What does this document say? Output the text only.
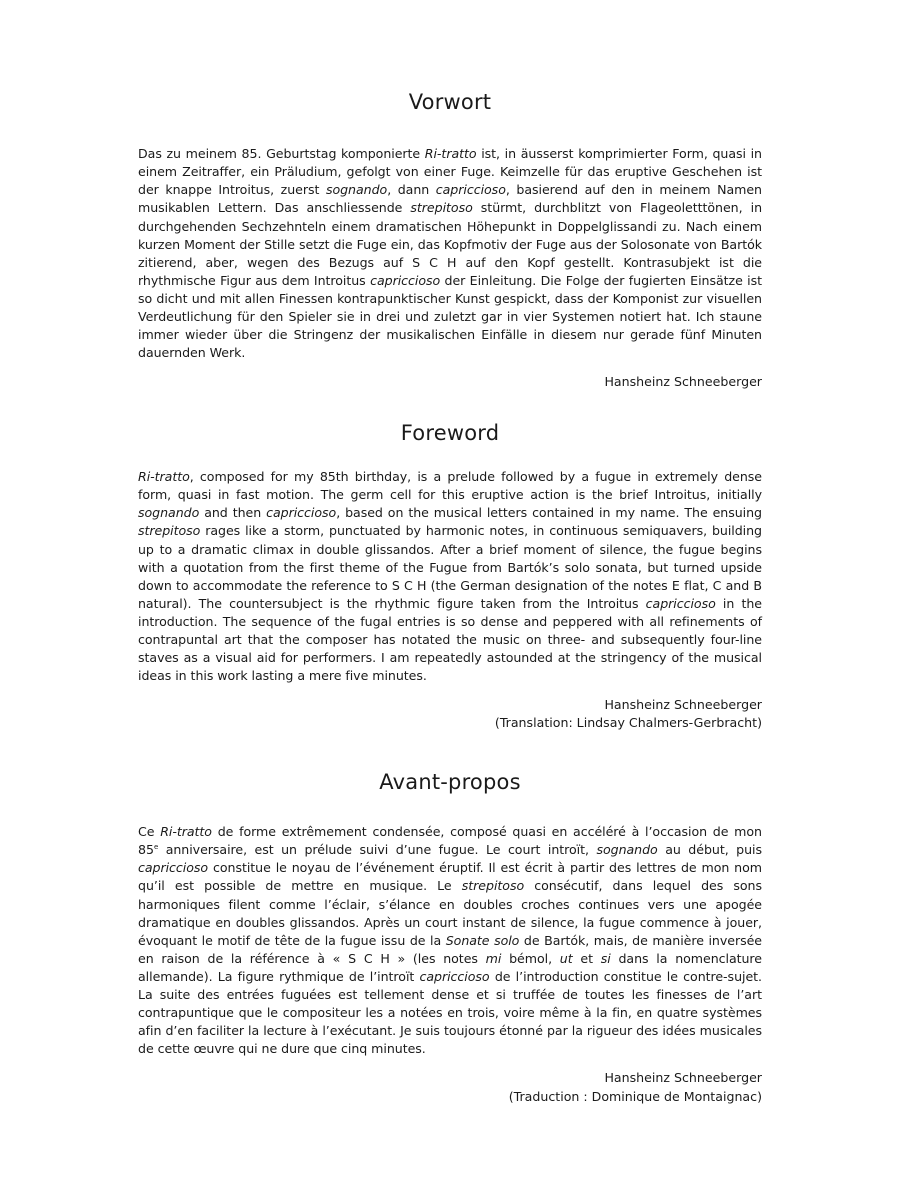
Vorwort

Das zu meinem 85. Geburtstag komponierte Ri-tratto ist, in äusserst komprimierter Form, quasi in einem Zeitraffer, ein Präludium, gefolgt von einer Fuge. Keimzelle für das eruptive Geschehen ist der knappe Introitus, zuerst sognando, dann capriccioso, basierend auf den in meinem Namen musikablen Lettern. Das anschliessende strepitoso stürmt, durchblitzt von Flageoletttönen, in durchgehenden Sechzehnteln einem dramatischen Höhepunkt in Doppelglissandi zu. Nach einem kurzen Moment der Stille setzt die Fuge ein, das Kopfmotiv der Fuge aus der Solosonate von Bartók zitierend, aber, wegen des Bezugs auf S C H auf den Kopf gestellt. Kontrasubjekt ist die rhythmische Figur aus dem Introitus capriccioso der Einleitung. Die Folge der fugierten Einsätze ist so dicht und mit allen Finessen kontrapunktischer Kunst gespickt, dass der Komponist zur visuellen Verdeutlichung für den Spieler sie in drei und zuletzt gar in vier Systemen notiert hat. Ich staune immer wieder über die Stringenz der musikalischen Einfälle in diesem nur gerade fünf Minuten dauernden Werk.

Hansheinz Schneeberger

Foreword

Ri-tratto, composed for my 85th birthday, is a prelude followed by a fugue in extremely dense form, quasi in fast motion. The germ cell for this eruptive action is the brief Introitus, initially sognando and then capriccioso, based on the musical letters contained in my name. The ensuing strepitoso rages like a storm, punctuated by harmonic notes, in continuous semiquavers, building up to a dramatic climax in double glissandos. After a brief moment of silence, the fugue begins with a quotation from the first theme of the Fugue from Bartók’s solo sonata, but turned upside down to accommodate the reference to S C H (the German designation of the notes E flat, C and B natural). The countersubject is the rhythmic figure taken from the Introitus capriccioso in the introduction. The sequence of the fugal entries is so dense and peppered with all refinements of contrapuntal art that the composer has notated the music on three- and subsequently four-line staves as a visual aid for performers. I am repeatedly astounded at the stringency of the musical ideas in this work lasting a mere five minutes.

Hansheinz Schneeberger

(Translation: Lindsay Chalmers-Gerbracht)

Avant-propos

Ce Ri-tratto de forme extrêmement condensée, composé quasi en accéléré à l’occasion de mon 85e anniversaire, est un prélude suivi d’une fugue. Le court introït, sognando au début, puis capriccioso constitue le noyau de l’événement éruptif. Il est écrit à partir des lettres de mon nom qu’il est possible de mettre en musique. Le strepitoso consécutif, dans lequel des sons harmoniques filent comme l’éclair, s’élance en doubles croches continues vers une apogée dramatique en doubles glissandos. Après un court instant de silence, la fugue commence à jouer, évoquant le motif de tête de la fugue issu de la Sonate solo de Bartók, mais, de manière inversée en raison de la référence à « S C H » (les notes mi bémol, ut et si dans la nomenclature allemande). La figure rythmique de l’introït capriccioso de l’introduction constitue le contre-sujet. La suite des entrées fuguées est tellement dense et si truffée de toutes les finesses de l’art contrapuntique que le compositeur les a notées en trois, voire même à la fin, en quatre systèmes afin d’en faciliter la lecture à l’exécutant. Je suis toujours étonné par la rigueur des idées musicales de cette œuvre qui ne dure que cinq minutes.

Hansheinz Schneeberger

(Traduction : Dominique de Montaignac)
